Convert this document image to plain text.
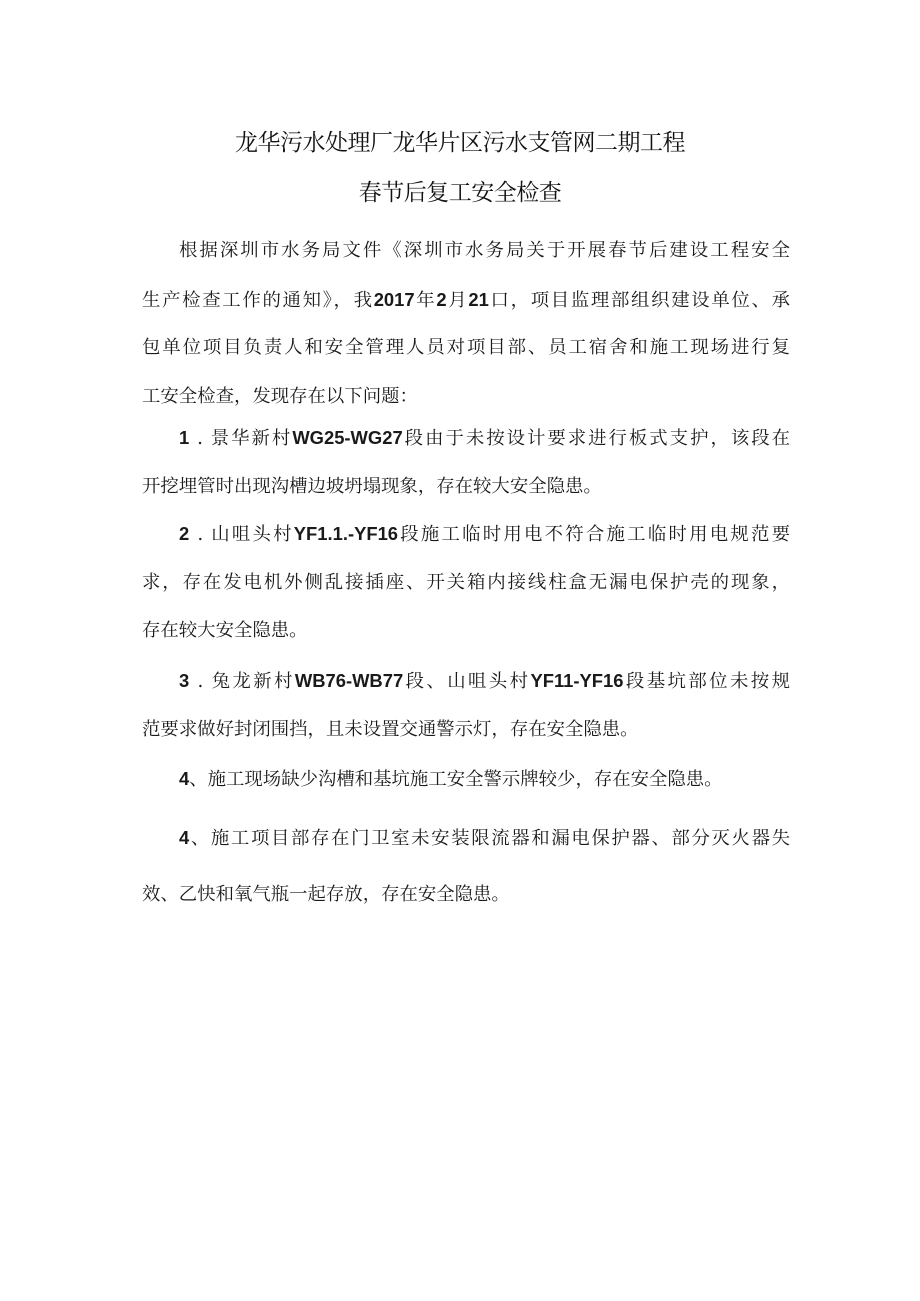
龙华污水处理厂龙华片区污水支管网二期工程
春节后复工安全检查
根据深圳市水务局文件《深圳市水务局关于开展春节后建设工程安全
生产检查工作的通知》，我2017年2月21口，项目监理部组织建设单位、承
包单位项目负责人和安全管理人员对项目部、员工宿舍和施工现场进行复
工安全检查，发现存在以下问题：
1 . 景华新村WG25-WG27段由于未按设计要求进行板式支护，该段在
开挖埋管时出现沟槽边坡坍塌现象，存在较大安全隐患。
2 . 山咀头村YF1.1.-YF16段施工临时用电不符合施工临时用电规范要
求，存在发电机外侧乱接插座、开关箱内接线柱盒无漏电保护壳的现象，
存在较大安全隐患。
3 . 兔龙新村WB76-WB77段、山咀头村YF11-YF16段基坑部位未按规
范要求做好封闭围挡，且未设置交通警示灯，存在安全隐患。
4、施工现场缺少沟槽和基坑施工安全警示牌较少，存在安全隐患。
4、施工项目部存在门卫室未安装限流器和漏电保护器、部分灭火器失
效、乙快和氧气瓶一起存放，存在安全隐患。
